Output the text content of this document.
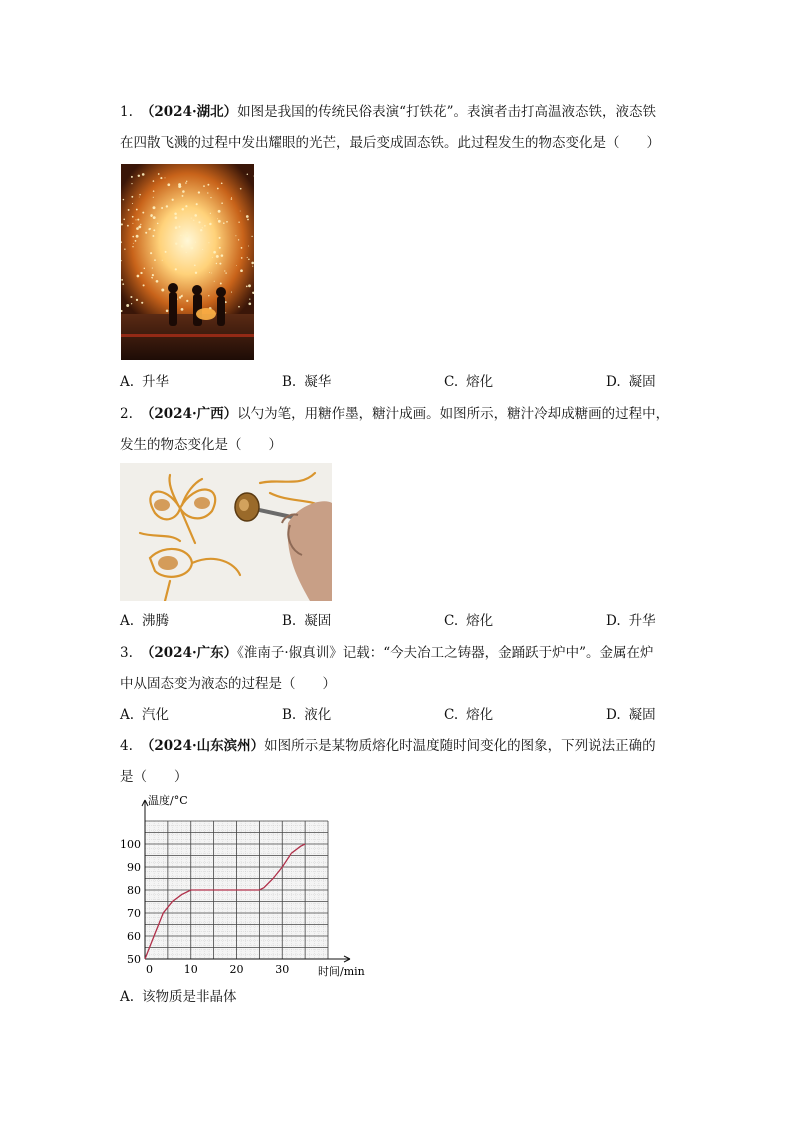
1. （2024·湖北）如图是我国的传统民俗表演“打铁花”。表演者击打高温液态铁，液态铁
在四散飞溅的过程中发出耀眼的光芒，最后变成固态铁。此过程发生的物态变化是（　　）
A. 升华	B. 凝华	C. 熔化	D. 凝固
2. （2024·广西）以勺为笔，用糖作墨，糖汁成画。如图所示，糖汁冷却成糖画的过程中，
发生的物态变化是（　　）
A. 沸腾	B. 凝固	C. 熔化	D. 升华
3. （2024·广东）《淮南子·俶真训》记载：“今夫冶工之铸器，金踊跃于炉中”。金属在炉
中从固态变为液态的过程是（　　）
A. 汽化	B. 液化	C. 熔化	D. 凝固
4. （2024·山东滨州）如图所示是某物质熔化时温度随时间变化的图象，下列说法正确的
是（　　）
50
60
70
80
90
100
0	10	20	30
温度/°C
时间/min
A. 该物质是非晶体
